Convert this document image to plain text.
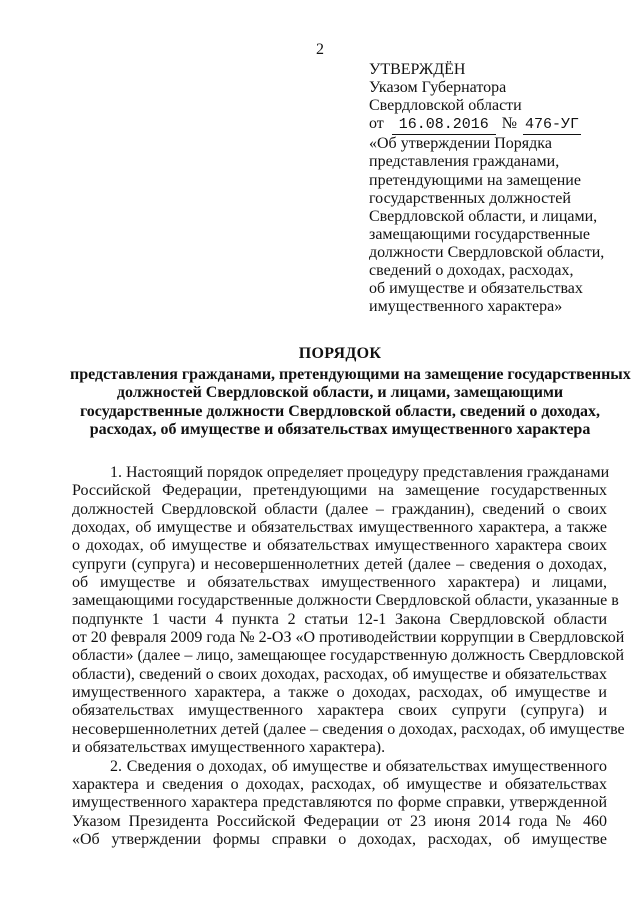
2
УТВЕРЖДЁН
Указом Губернатора
Свердловской области
от 16.08.2016 № 476-УГ
«Об утверждении Порядка
представления гражданами,
претендующими на замещение
государственных должностей
Свердловской области, и лицами,
замещающими государственные
должности Свердловской области,
сведений о доходах, расходах,
об имуществе и обязательствах
имущественного характера»
ПОРЯДОК
представления гражданами, претендующими на замещение государственных
должностей Свердловской области, и лицами, замещающими
государственные должности Свердловской области, сведений о доходах,
расходах, об имуществе и обязательствах имущественного характера
1. Настоящий порядок определяет процедуру представления гражданами
Российской Федерации, претендующими на замещение государственных
должностей Свердловской области (далее – гражданин), сведений о своих
доходах, об имуществе и обязательствах имущественного характера, а также
о доходах, об имуществе и обязательствах имущественного характера своих
супруги (супруга) и несовершеннолетних детей (далее – сведения о доходах,
об имуществе и обязательствах имущественного характера) и лицами,
замещающими государственные должности Свердловской области, указанные в
подпункте 1 части 4 пункта 2 статьи 12-1 Закона Свердловской области
от 20 февраля 2009 года № 2-ОЗ «О противодействии коррупции в Свердловской
области» (далее – лицо, замещающее государственную должность Свердловской
области), сведений о своих доходах, расходах, об имуществе и обязательствах
имущественного характера, а также о доходах, расходах, об имуществе и
обязательствах имущественного характера своих супруги (супруга) и
несовершеннолетних детей (далее – сведения о доходах, расходах, об имуществе
и обязательствах имущественного характера).
2. Сведения о доходах, об имуществе и обязательствах имущественного
характера и сведения о доходах, расходах, об имуществе и обязательствах
имущественного характера представляются по форме справки, утвержденной
Указом Президента Российской Федерации от 23 июня 2014 года № 460
«Об утверждении формы справки о доходах, расходах, об имуществе
